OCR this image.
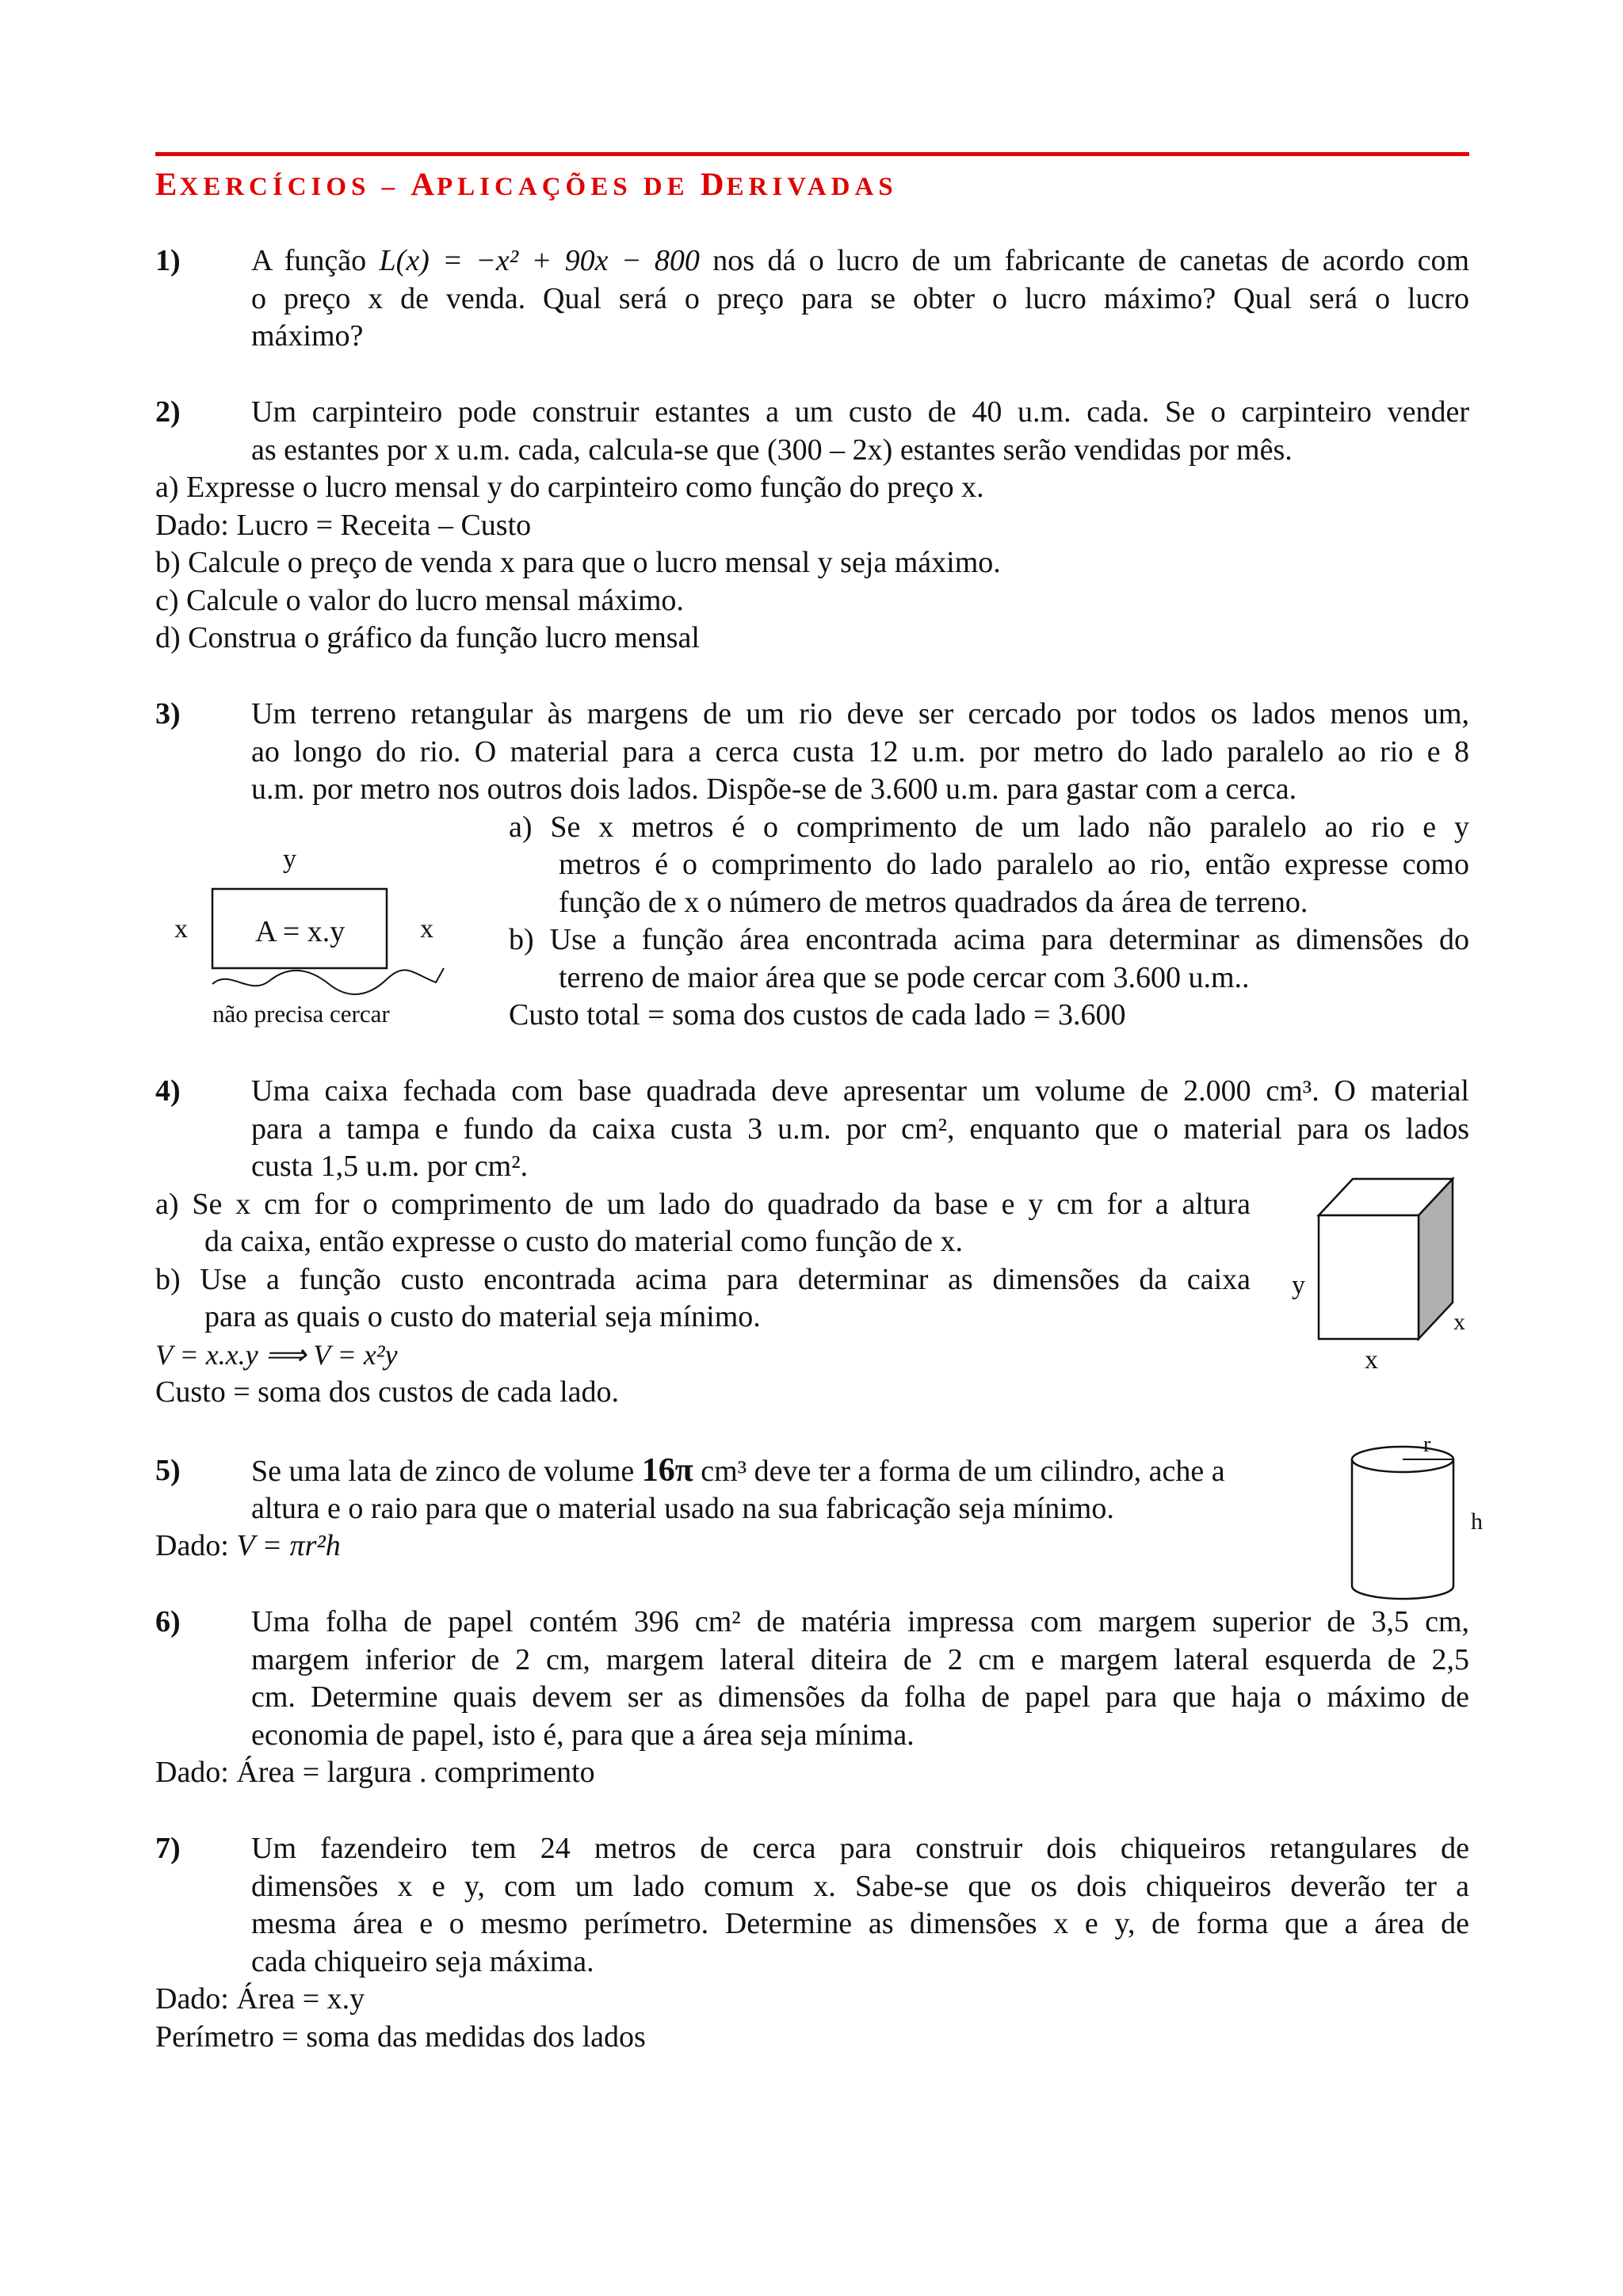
EXERCÍCIOS – APLICAÇÕES DE DERIVADAS
1) A função L(x) = −x² + 90x − 800 nos dá o lucro de um fabricante de canetas de acordo com
o preço x de venda. Qual será o preço para se obter o lucro máximo? Qual será o lucro
máximo?
2) Um carpinteiro pode construir estantes a um custo de 40 u.m. cada. Se o carpinteiro vender
as estantes por x u.m. cada, calcula-se que (300 – 2x) estantes serão vendidas por mês.
a) Expresse o lucro mensal y do carpinteiro como função do preço x.
Dado: Lucro = Receita – Custo
b) Calcule o preço de venda x para que o lucro mensal y seja máximo.
c) Calcule o valor do lucro mensal máximo.
d) Construa o gráfico da função lucro mensal
3) Um terreno retangular às margens de um rio deve ser cercado por todos os lados menos um,
ao longo do rio. O material para a cerca custa 12 u.m. por metro do lado paralelo ao rio e 8
u.m. por metro nos outros dois lados. Dispõe-se de 3.600 u.m. para gastar com a cerca.
a) Se x metros é o comprimento de um lado não paralelo ao rio e y
metros é o comprimento do lado paralelo ao rio, então expresse como
função de x o número de metros quadrados da área de terreno.
b) Use a função área encontrada acima para determinar as dimensões do
terreno de maior área que se pode cercar com 3.600 u.m..
Custo total = soma dos custos de cada lado = 3.600
y
x	x
A = x.y
não precisa cercar
4) Uma caixa fechada com base quadrada deve apresentar um volume de 2.000 cm³. O material
para a tampa e fundo da caixa custa 3 u.m. por cm², enquanto que o material para os lados
custa 1,5 u.m. por cm².
a) Se x cm for o comprimento de um lado do quadrado da base e y cm for a altura
da caixa, então expresse o custo do material como função de x.
b) Use a função custo encontrada acima para determinar as dimensões da caixa
para as quais o custo do material seja mínimo.
V = x.x.y ⟹ V = x²y
Custo = soma dos custos de cada lado.
y
x
x
5) Se uma lata de zinco de volume 16π cm³ deve ter a forma de um cilindro, ache a
altura e o raio para que o material usado na sua fabricação seja mínimo.
Dado: V = πr²h
r
h
6) Uma folha de papel contém 396 cm² de matéria impressa com margem superior de 3,5 cm,
margem inferior de 2 cm, margem lateral diteira de 2 cm e margem lateral esquerda de 2,5
cm. Determine quais devem ser as dimensões da folha de papel para que haja o máximo de
economia de papel, isto é, para que a área seja mínima.
Dado: Área = largura . comprimento
7) Um fazendeiro tem 24 metros de cerca para construir dois chiqueiros retangulares de
dimensões x e y, com um lado comum x. Sabe-se que os dois chiqueiros deverão ter a
mesma área e o mesmo perímetro. Determine as dimensões x e y, de forma que a área de
cada chiqueiro seja máxima.
Dado: Área = x.y
Perímetro = soma das medidas dos lados
